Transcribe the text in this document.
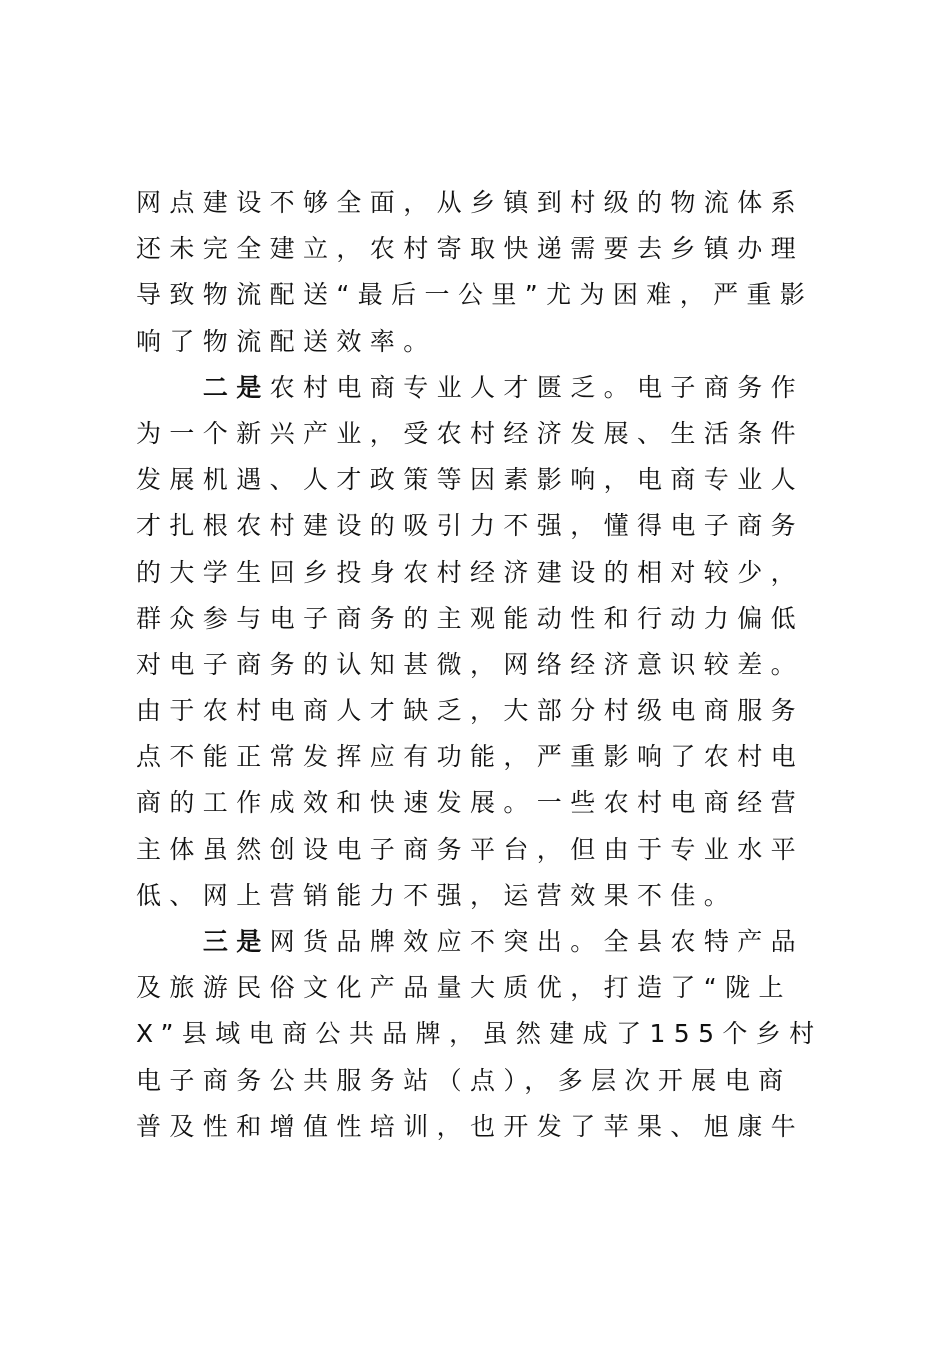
网点建设不够全面，从乡镇到村级的物流体系
还未完全建立，农村寄取快递需要去乡镇办理
导致物流配送“最后一公里”尤为困难，严重影
响了物流配送效率。
　　二是农村电商专业人才匮乏。电子商务作
为一个新兴产业，受农村经济发展、生活条件
发展机遇、人才政策等因素影响，电商专业人
才扎根农村建设的吸引力不强，懂得电子商务
的大学生回乡投身农村经济建设的相对较少，
群众参与电子商务的主观能动性和行动力偏低
对电子商务的认知甚微，网络经济意识较差。
由于农村电商人才缺乏，大部分村级电商服务
点不能正常发挥应有功能，严重影响了农村电
商的工作成效和快速发展。一些农村电商经营
主体虽然创设电子商务平台，但由于专业水平
低、网上营销能力不强，运营效果不佳。
　　三是网货品牌效应不突出。全县农特产品
及旅游民俗文化产品量大质优，打造了“陇上
X”县域电商公共品牌，虽然建成了155个乡村
电子商务公共服务站（点），多层次开展电商
普及性和增值性培训，也开发了苹果、旭康牛
